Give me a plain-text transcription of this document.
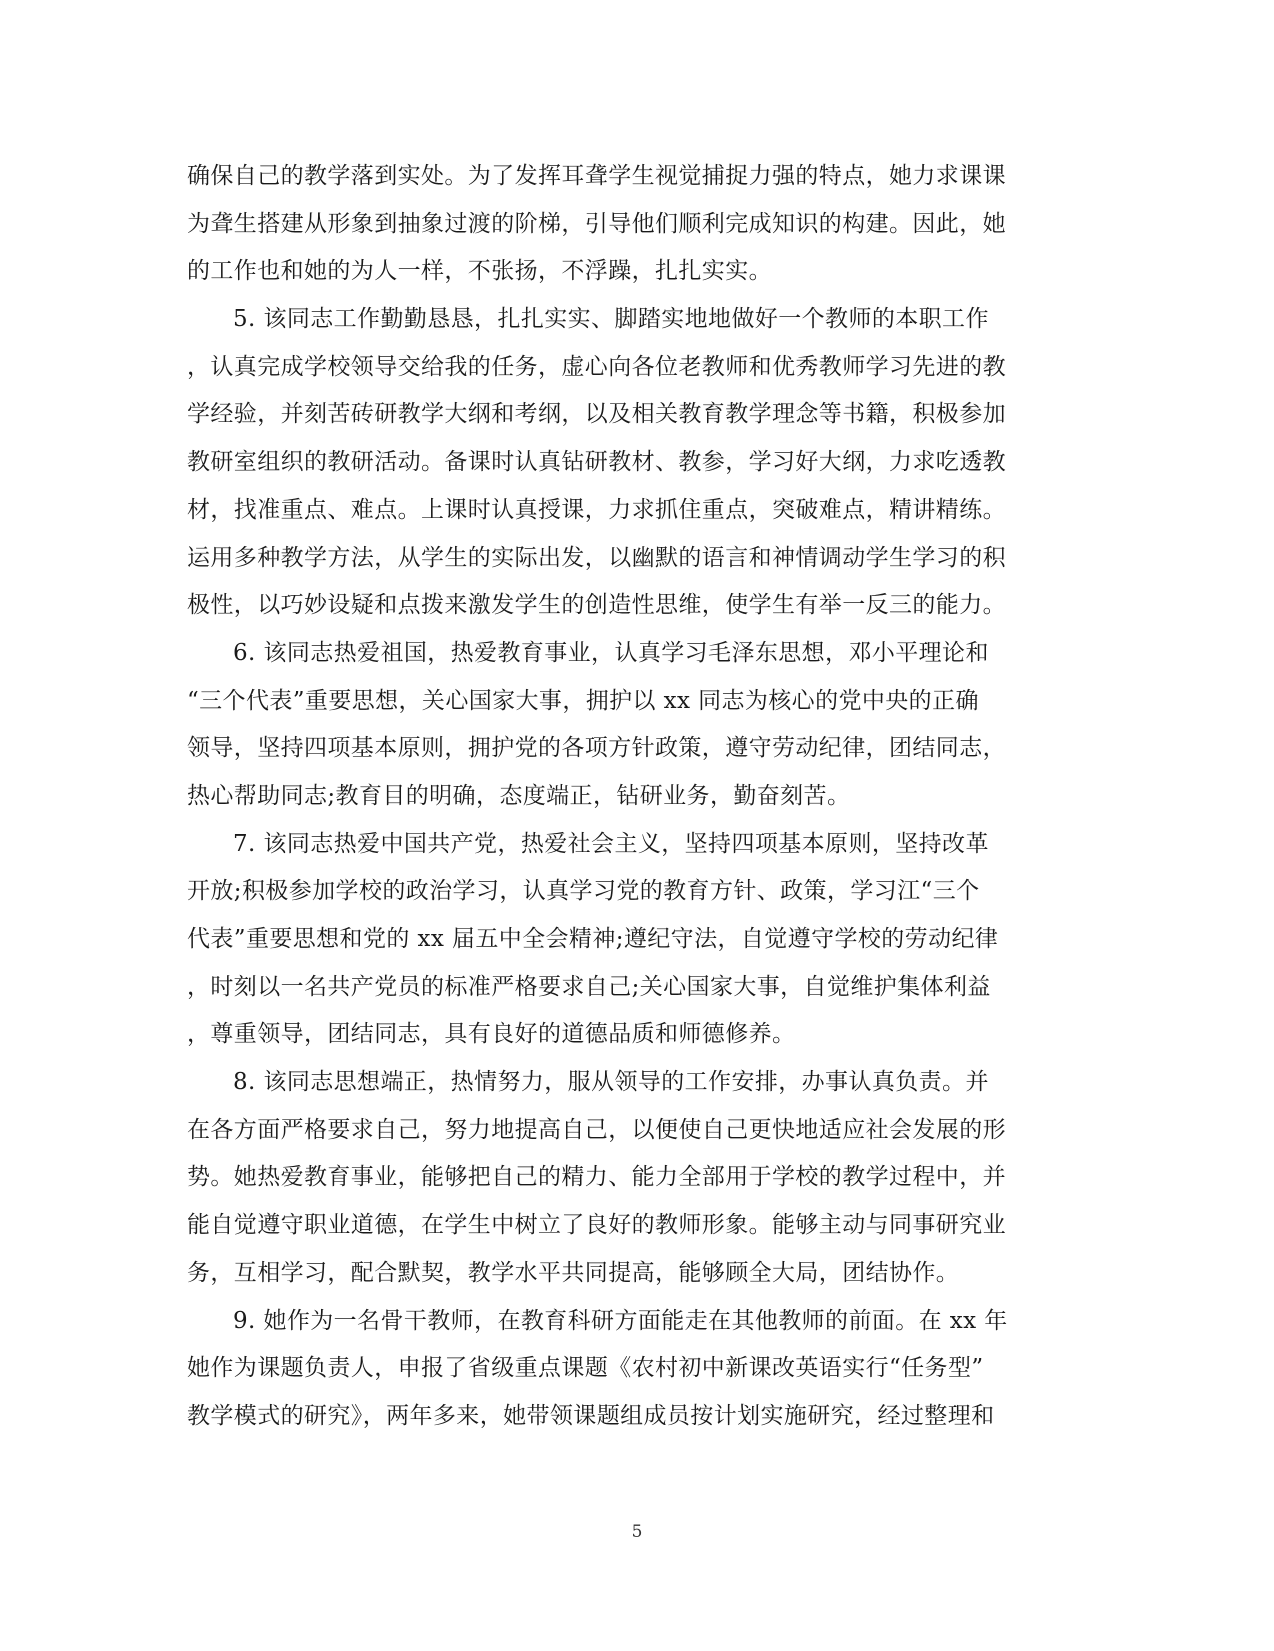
确保自己的教学落到实处。为了发挥耳聋学生视觉捕捉力强的特点，她力求课课
为聋生搭建从形象到抽象过渡的阶梯，引导他们顺利完成知识的构建。因此，她
的工作也和她的为人一样，不张扬，不浮躁，扎扎实实。
5. 该同志工作勤勤恳恳，扎扎实实、脚踏实地地做好一个教师的本职工作
，认真完成学校领导交给我的任务，虚心向各位老教师和优秀教师学习先进的教
学经验，并刻苦砖研教学大纲和考纲，以及相关教育教学理念等书籍，积极参加
教研室组织的教研活动。备课时认真钻研教材、教参，学习好大纲，力求吃透教
材，找准重点、难点。上课时认真授课，力求抓住重点，突破难点，精讲精练。
运用多种教学方法，从学生的实际出发，以幽默的语言和神情调动学生学习的积
极性，以巧妙设疑和点拨来激发学生的创造性思维，使学生有举一反三的能力。
6. 该同志热爱祖国，热爱教育事业，认真学习毛泽东思想，邓小平理论和
“三个代表”重要思想，关心国家大事，拥护以 xx 同志为核心的党中央的正确
领导，坚持四项基本原则，拥护党的各项方针政策，遵守劳动纪律，团结同志，
热心帮助同志;教育目的明确，态度端正，钻研业务，勤奋刻苦。
7. 该同志热爱中国共产党，热爱社会主义，坚持四项基本原则，坚持改革
开放;积极参加学校的政治学习，认真学习党的教育方针、政策，学习江“三个
代表”重要思想和党的 xx 届五中全会精神;遵纪守法，自觉遵守学校的劳动纪律
，时刻以一名共产党员的标准严格要求自己;关心国家大事，自觉维护集体利益
，尊重领导，团结同志，具有良好的道德品质和师德修养。
8. 该同志思想端正，热情努力，服从领导的工作安排，办事认真负责。并
在各方面严格要求自己，努力地提高自己，以便使自己更快地适应社会发展的形
势。她热爱教育事业，能够把自己的精力、能力全部用于学校的教学过程中，并
能自觉遵守职业道德，在学生中树立了良好的教师形象。能够主动与同事研究业
务，互相学习，配合默契，教学水平共同提高，能够顾全大局，团结协作。
9. 她作为一名骨干教师，在教育科研方面能走在其他教师的前面。在 xx 年
她作为课题负责人，申报了省级重点课题《农村初中新课改英语实行“任务型”
教学模式的研究》，两年多来，她带领课题组成员按计划实施研究，经过整理和
5
